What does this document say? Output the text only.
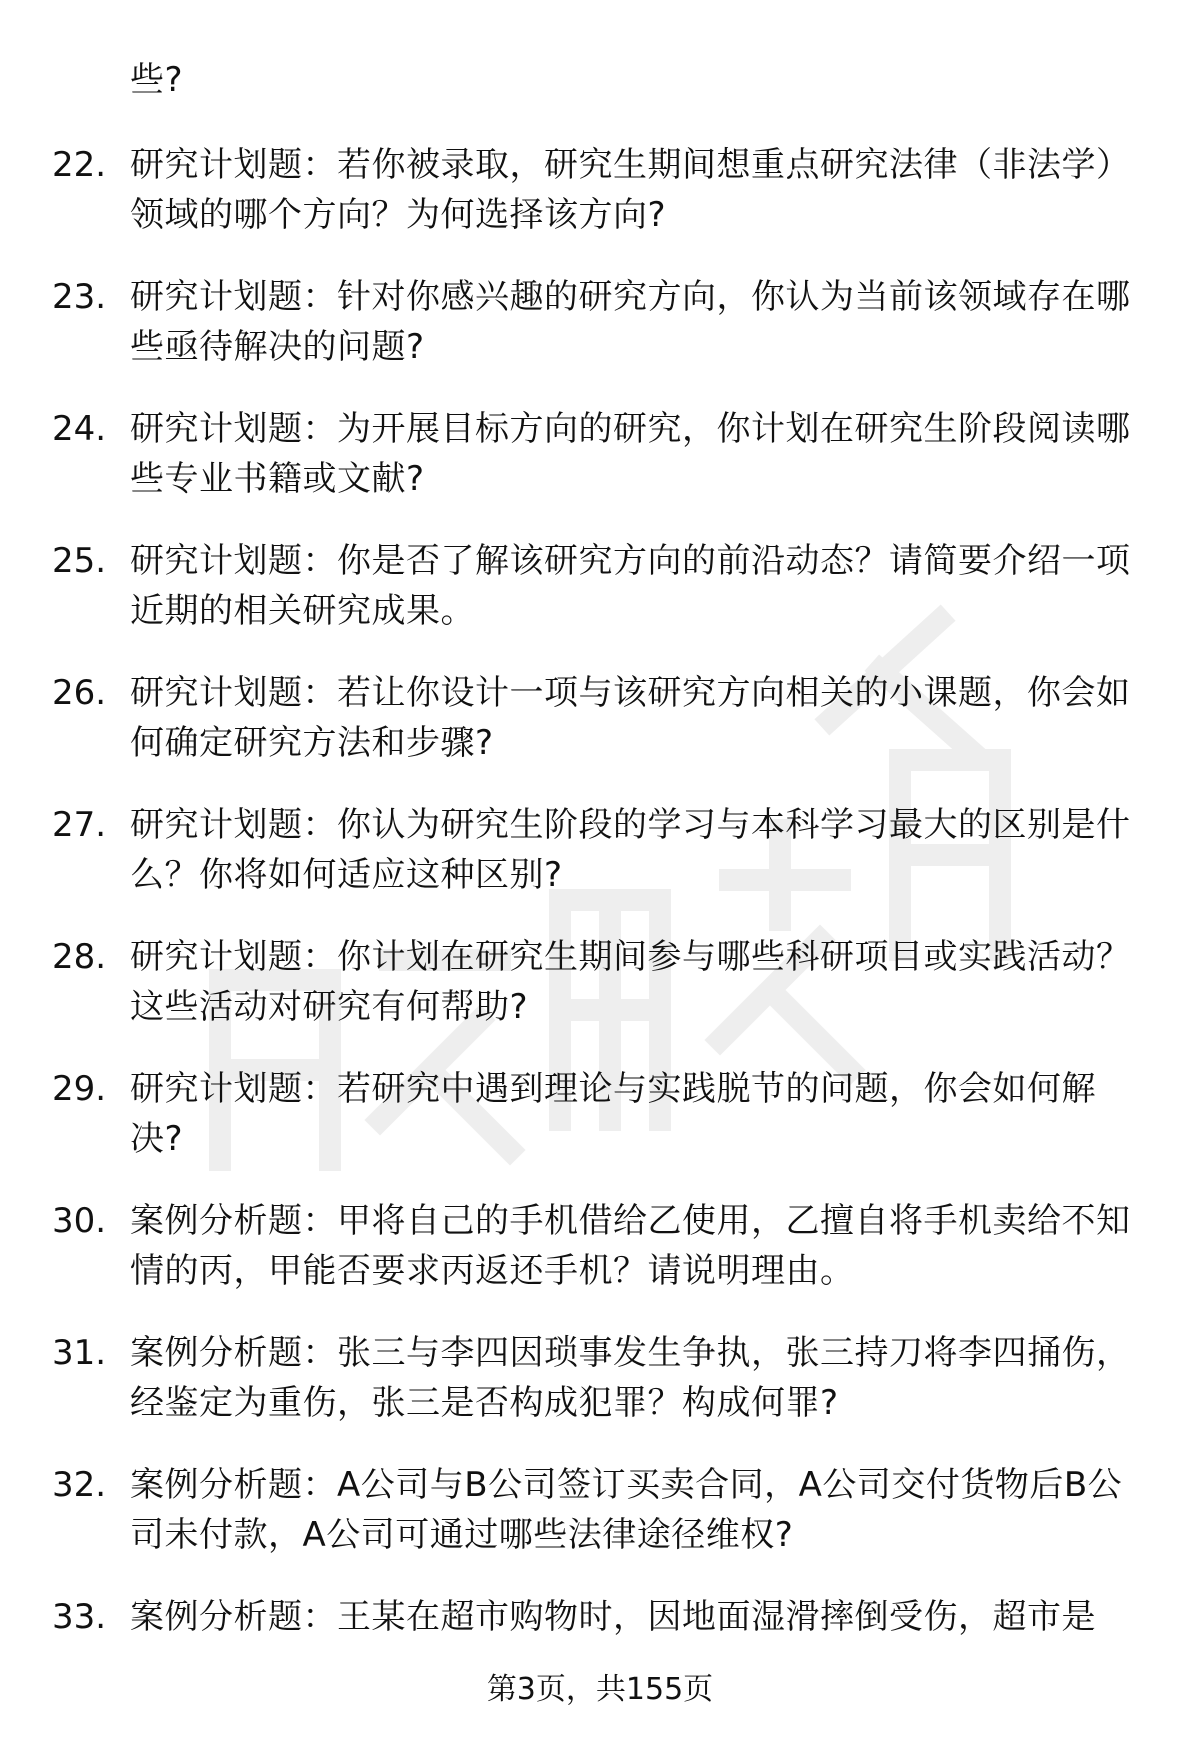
些?

22. 研究计划题：若你被录取，研究生期间想重点研究法律（非法学）领域的哪个方向？为何选择该方向?
23. 研究计划题：针对你感兴趣的研究方向，你认为当前该领域存在哪些亟待解决的问题?
24. 研究计划题：为开展目标方向的研究，你计划在研究生阶段阅读哪些专业书籍或文献?
25. 研究计划题：你是否了解该研究方向的前沿动态？请简要介绍一项近期的相关研究成果。
26. 研究计划题：若让你设计一项与该研究方向相关的小课题，你会如何确定研究方法和步骤?
27. 研究计划题：你认为研究生阶段的学习与本科学习最大的区别是什么？你将如何适应这种区别?
28. 研究计划题：你计划在研究生期间参与哪些科研项目或实践活动？这些活动对研究有何帮助?
29. 研究计划题：若研究中遇到理论与实践脱节的问题，你会如何解决?
30. 案例分析题：甲将自己的手机借给乙使用，乙擅自将手机卖给不知情的丙，甲能否要求丙返还手机？请说明理由。
31. 案例分析题：张三与李四因琐事发生争执，张三持刀将李四捅伤，经鉴定为重伤，张三是否构成犯罪？构成何罪?
32. 案例分析题：A公司与B公司签订买卖合同，A公司交付货物后B公司未付款，A公司可通过哪些法律途径维权?
33. 案例分析题：王某在超市购物时，因地面湿滑摔倒受伤，超市是
第3页，共155页
